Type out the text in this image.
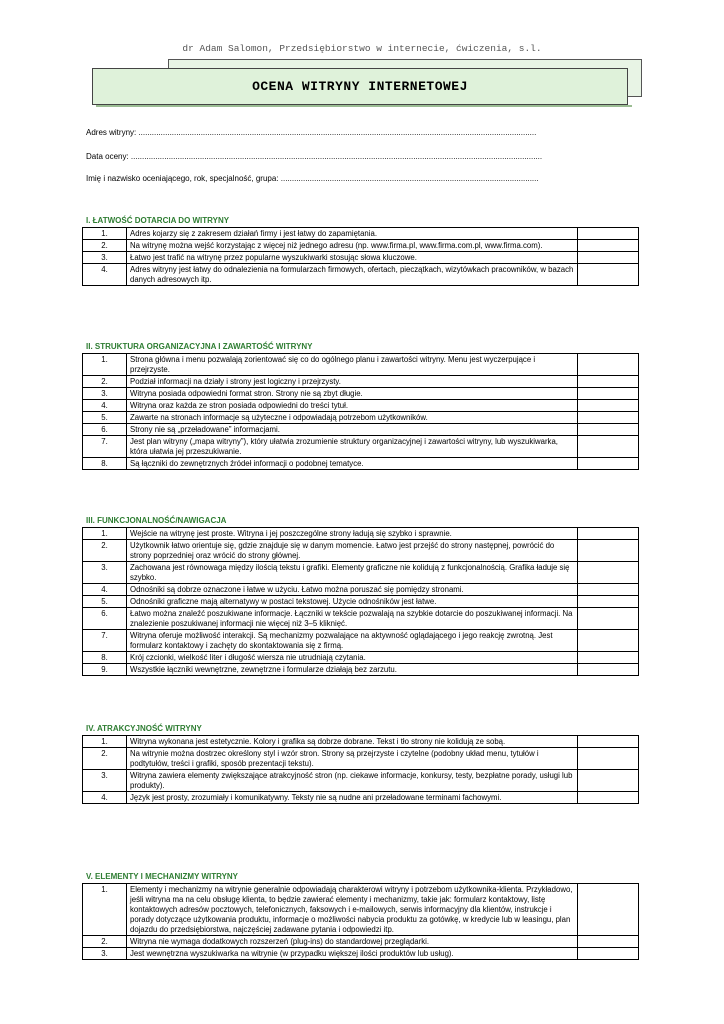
dr Adam Salomon, Przedsiębiorstwo w internecie, ćwiczenia, s.l.
OCENA WITRYNY INTERNETOWEJ
Adres witryny: ...................................................................................................................................................................................
Data oceny: .........................................................................................................................................................................................
Imię i nazwisko oceniającego, rok, specjalność, grupa: ....................................................................................................................
I. ŁATWOŚĆ DOTARCIA DO WITRYNY
1.	Adres kojarzy się z zakresem działań firmy i jest łatwy do zapamiętania.	
2.	Na witrynę można wejść korzystając z więcej niż jednego adresu (np. www.firma.pl, www.firma.com.pl, www.firma.com).	
3.	Łatwo jest trafić na witrynę przez popularne wyszukiwarki stosując słowa kluczowe.	
4.	Adres witryny jest łatwy do odnalezienia na formularzach firmowych, ofertach, pieczątkach, wizytówkach pracowników, w bazach danych adresowych itp.	
II. STRUKTURA ORGANIZACYJNA I ZAWARTOŚĆ WITRYNY
1.	Strona główna i menu pozwalają zorientować się co do ogólnego planu i zawartości witryny. Menu jest wyczerpujące i przejrzyste.	
2.	Podział informacji na działy i strony jest logiczny i przejrzysty.	
3.	Witryna posiada odpowiedni format stron. Strony nie są zbyt długie.	
4.	Witryna oraz każda ze stron posiada odpowiedni do treści tytuł.	
5.	Zawarte na stronach informacje są użyteczne i odpowiadają potrzebom użytkowników.	
6.	Strony nie są „przeładowane” informacjami.	
7.	Jest plan witryny („mapa witryny”), który ułatwia zrozumienie struktury organizacyjnej i zawartości witryny, lub wyszukiwarka, która ułatwia jej przeszukiwanie.	
8.	Są łączniki do zewnętrznych źródeł informacji o podobnej tematyce.	
III. FUNKCJONALNOŚĆ/NAWIGACJA
1.	Wejście na witrynę jest proste. Witryna i jej poszczególne strony ładują się szybko i sprawnie.	
2.	Użytkownik łatwo orientuje się, gdzie znajduje się w danym momencie. Łatwo jest przejść do strony następnej, powrócić do strony poprzedniej oraz wrócić do strony głównej.	
3.	Zachowana jest równowaga między ilością tekstu i grafiki. Elementy graficzne nie kolidują z funkcjonalnością. Grafika ładuje się szybko.	
4.	Odnośniki są dobrze oznaczone i łatwe w użyciu. Łatwo można poruszać się pomiędzy stronami.	
5.	Odnośniki graficzne mają alternatywy w postaci tekstowej. Użycie odnośników jest łatwe.	
6.	Łatwo można znaleźć poszukiwane informacje. Łączniki w tekście pozwalają na szybkie dotarcie do poszukiwanej informacji. Na znalezienie poszukiwanej informacji nie więcej niż 3–5 kliknięć.	
7.	Witryna oferuje możliwość interakcji. Są mechanizmy pozwalające na aktywność oglądającego i jego reakcję zwrotną. Jest formularz kontaktowy i zachęty do skontaktowania się z firmą.	
8.	Krój czcionki, wielkość liter i długość wiersza nie utrudniają czytania.	
9.	Wszystkie łączniki wewnętrzne, zewnętrzne i formularze działają bez zarzutu.	
IV. ATRAKCYJNOŚĆ WITRYNY
1.	Witryna wykonana jest estetycznie. Kolory i grafika są dobrze dobrane. Tekst i tło strony nie kolidują ze sobą.	
2.	Na witrynie można dostrzec określony styl i wzór stron. Strony są przejrzyste i czytelne (podobny układ menu, tytułów i podtytułów, treści i grafiki, sposób prezentacji tekstu).	
3.	Witryna zawiera elementy zwiększające atrakcyjność stron (np. ciekawe informacje, konkursy, testy, bezpłatne porady, usługi lub produkty).	
4.	Język jest prosty, zrozumiały i komunikatywny. Teksty nie są nudne ani przeładowane terminami fachowymi.	
V. ELEMENTY I MECHANIZMY WITRYNY
1.	Elementy i mechanizmy na witrynie generalnie odpowiadają charakterowi witryny i potrzebom użytkownika-klienta. Przykładowo, jeśli witryna ma na celu obsługę klienta, to będzie zawierać elementy i mechanizmy, takie jak: formularz kontaktowy, listę kontaktowych adresów pocztowych, telefonicznych, faksowych i e-mailowych, serwis informacyjny dla klientów, instrukcje i porady dotyczące użytkowania produktu, informacje o możliwości nabycia produktu za gotówkę, w kredycie lub w leasingu, plan dojazdu do przedsiębiorstwa, najczęściej zadawane pytania i odpowiedzi itp.	
2.	Witryna nie wymaga dodatkowych rozszerzeń (plug-ins) do standardowej przeglądarki.	
3.	Jest wewnętrzna wyszukiwarka na witrynie (w przypadku większej ilości produktów lub usług).	
